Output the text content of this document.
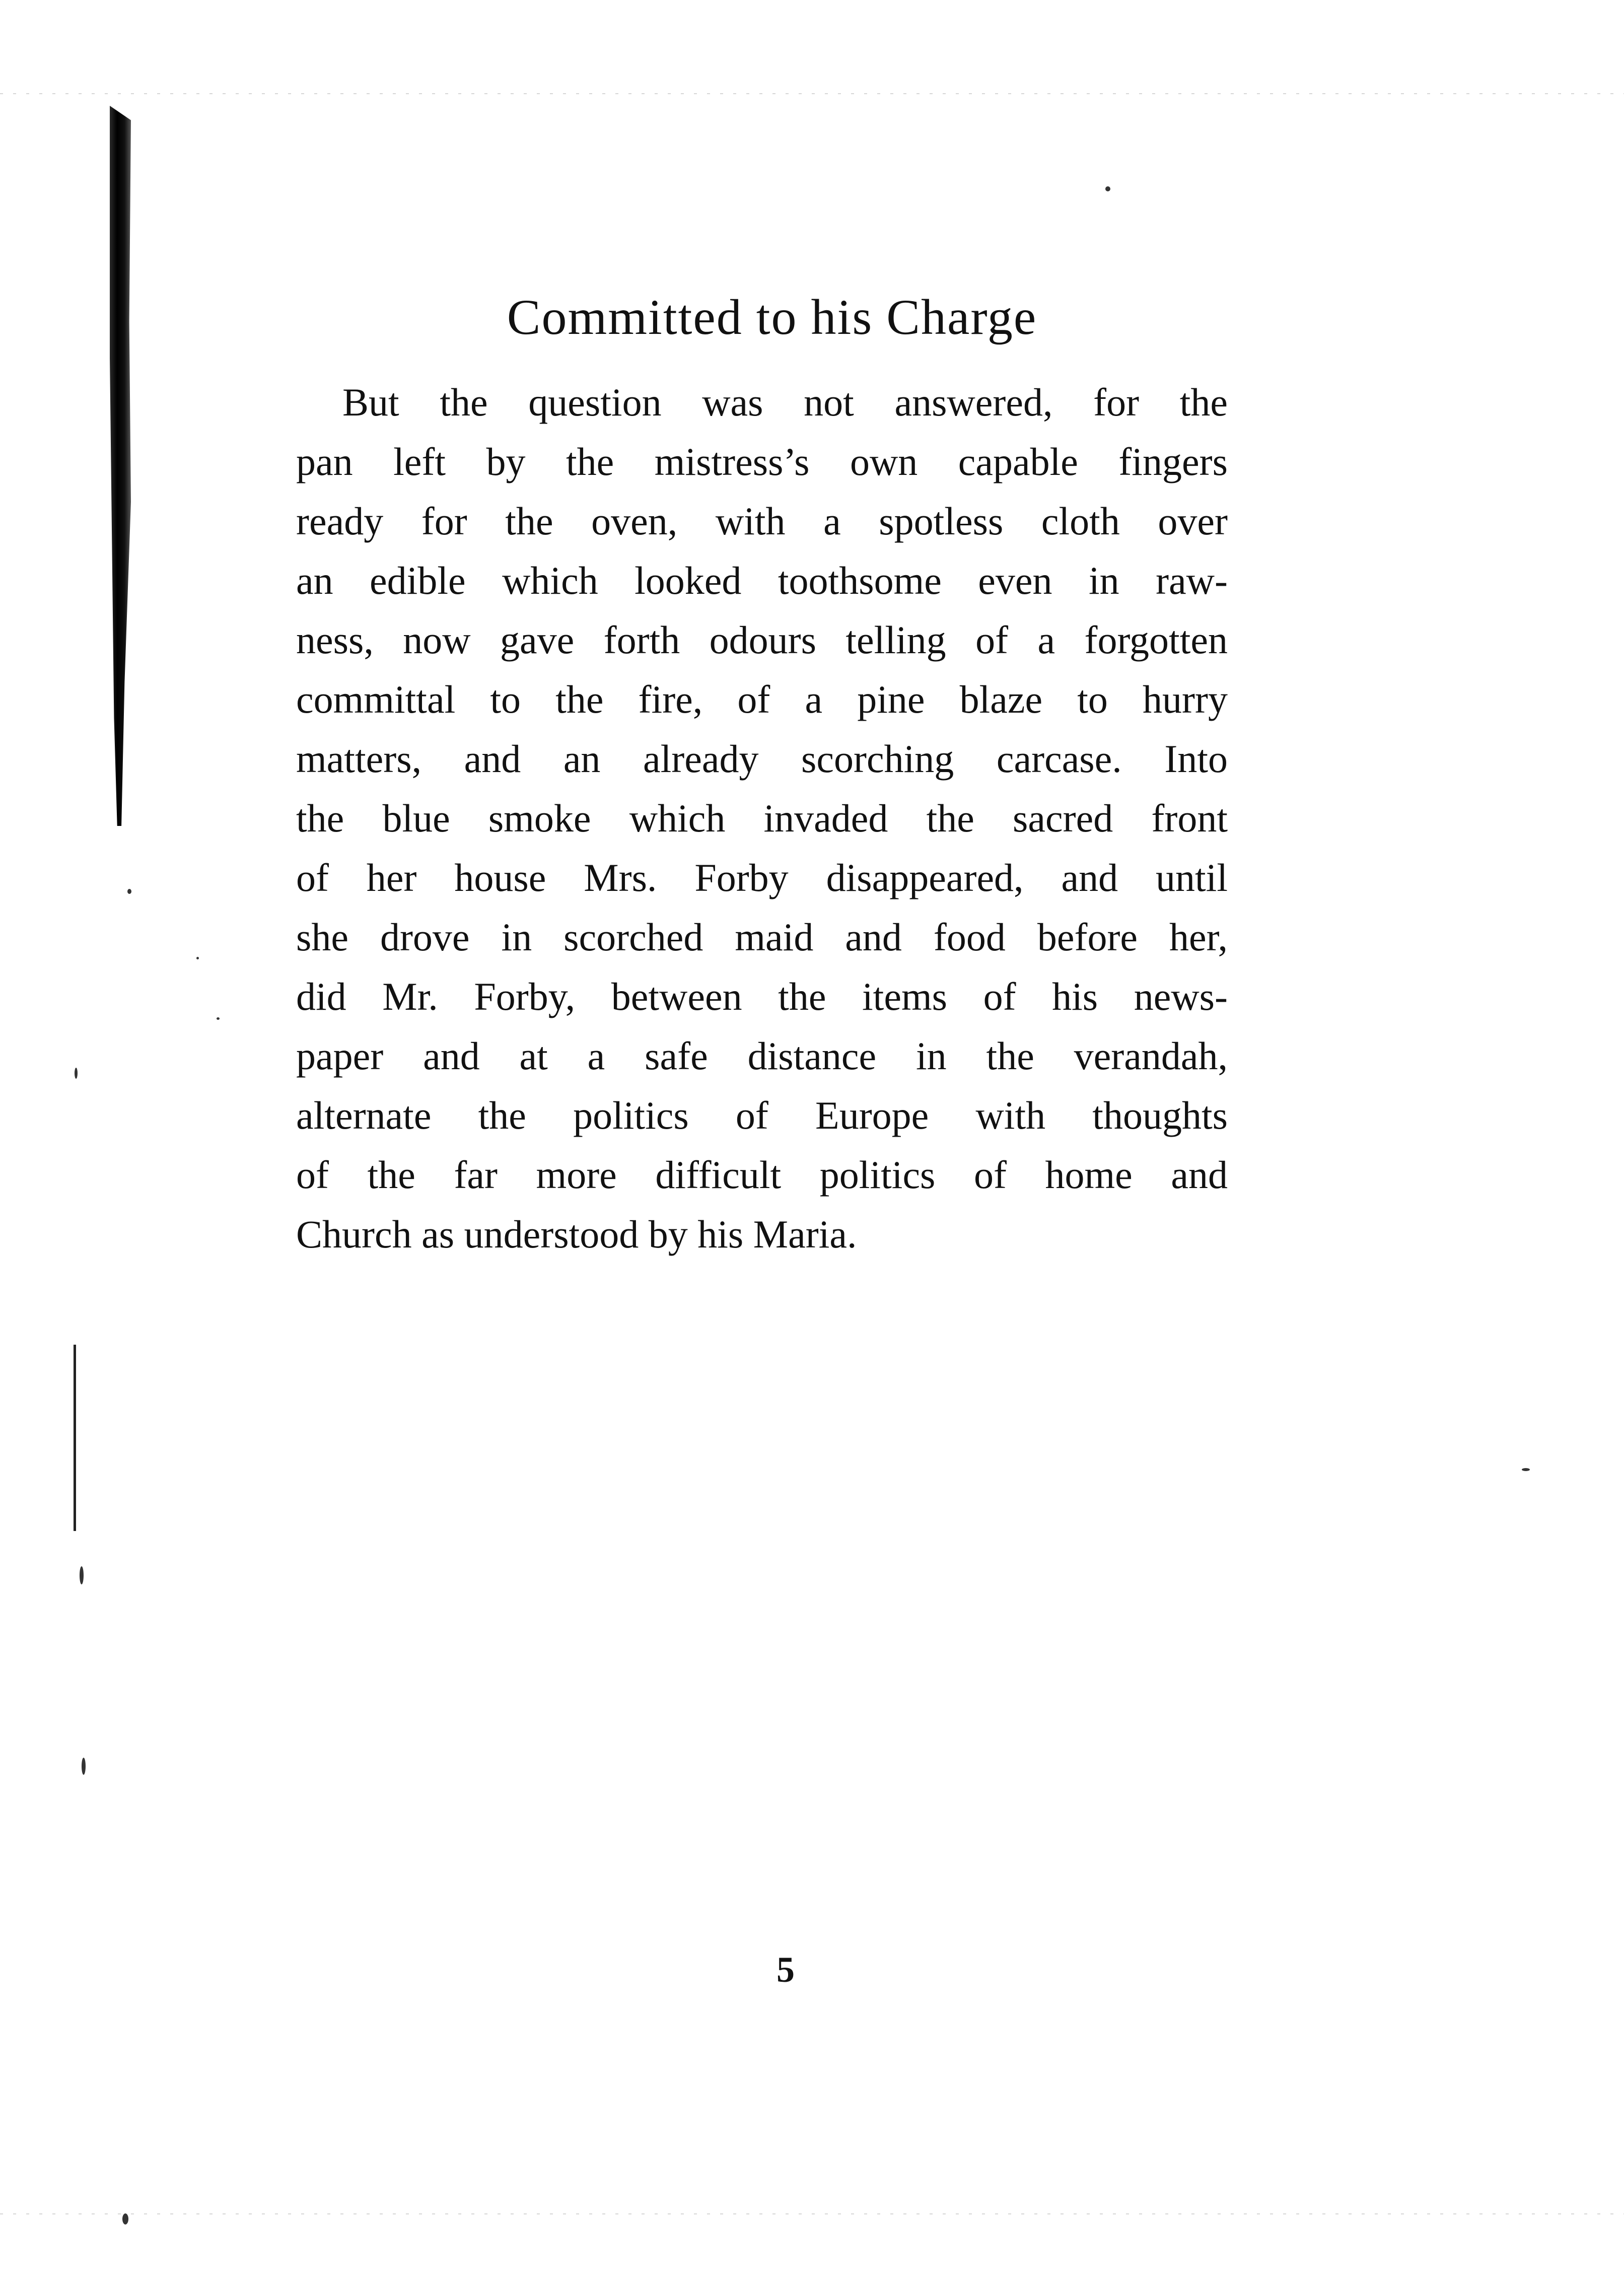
Committed to his Charge
But the question was not answered, for the
pan left by the mistress’s own capable fingers
ready for the oven, with a spotless cloth over
an edible which looked toothsome even in raw-
ness, now gave forth odours telling of a forgotten
committal to the fire, of a pine blaze to hurry
matters, and an already scorching carcase. Into
the blue smoke which invaded the sacred front
of her house Mrs. Forby disappeared, and until
she drove in scorched maid and food before her,
did Mr. Forby, between the items of his news-
paper and at a safe distance in the verandah,
alternate the politics of Europe with thoughts
of the far more difficult politics of home and
Church as understood by his Maria.
5
